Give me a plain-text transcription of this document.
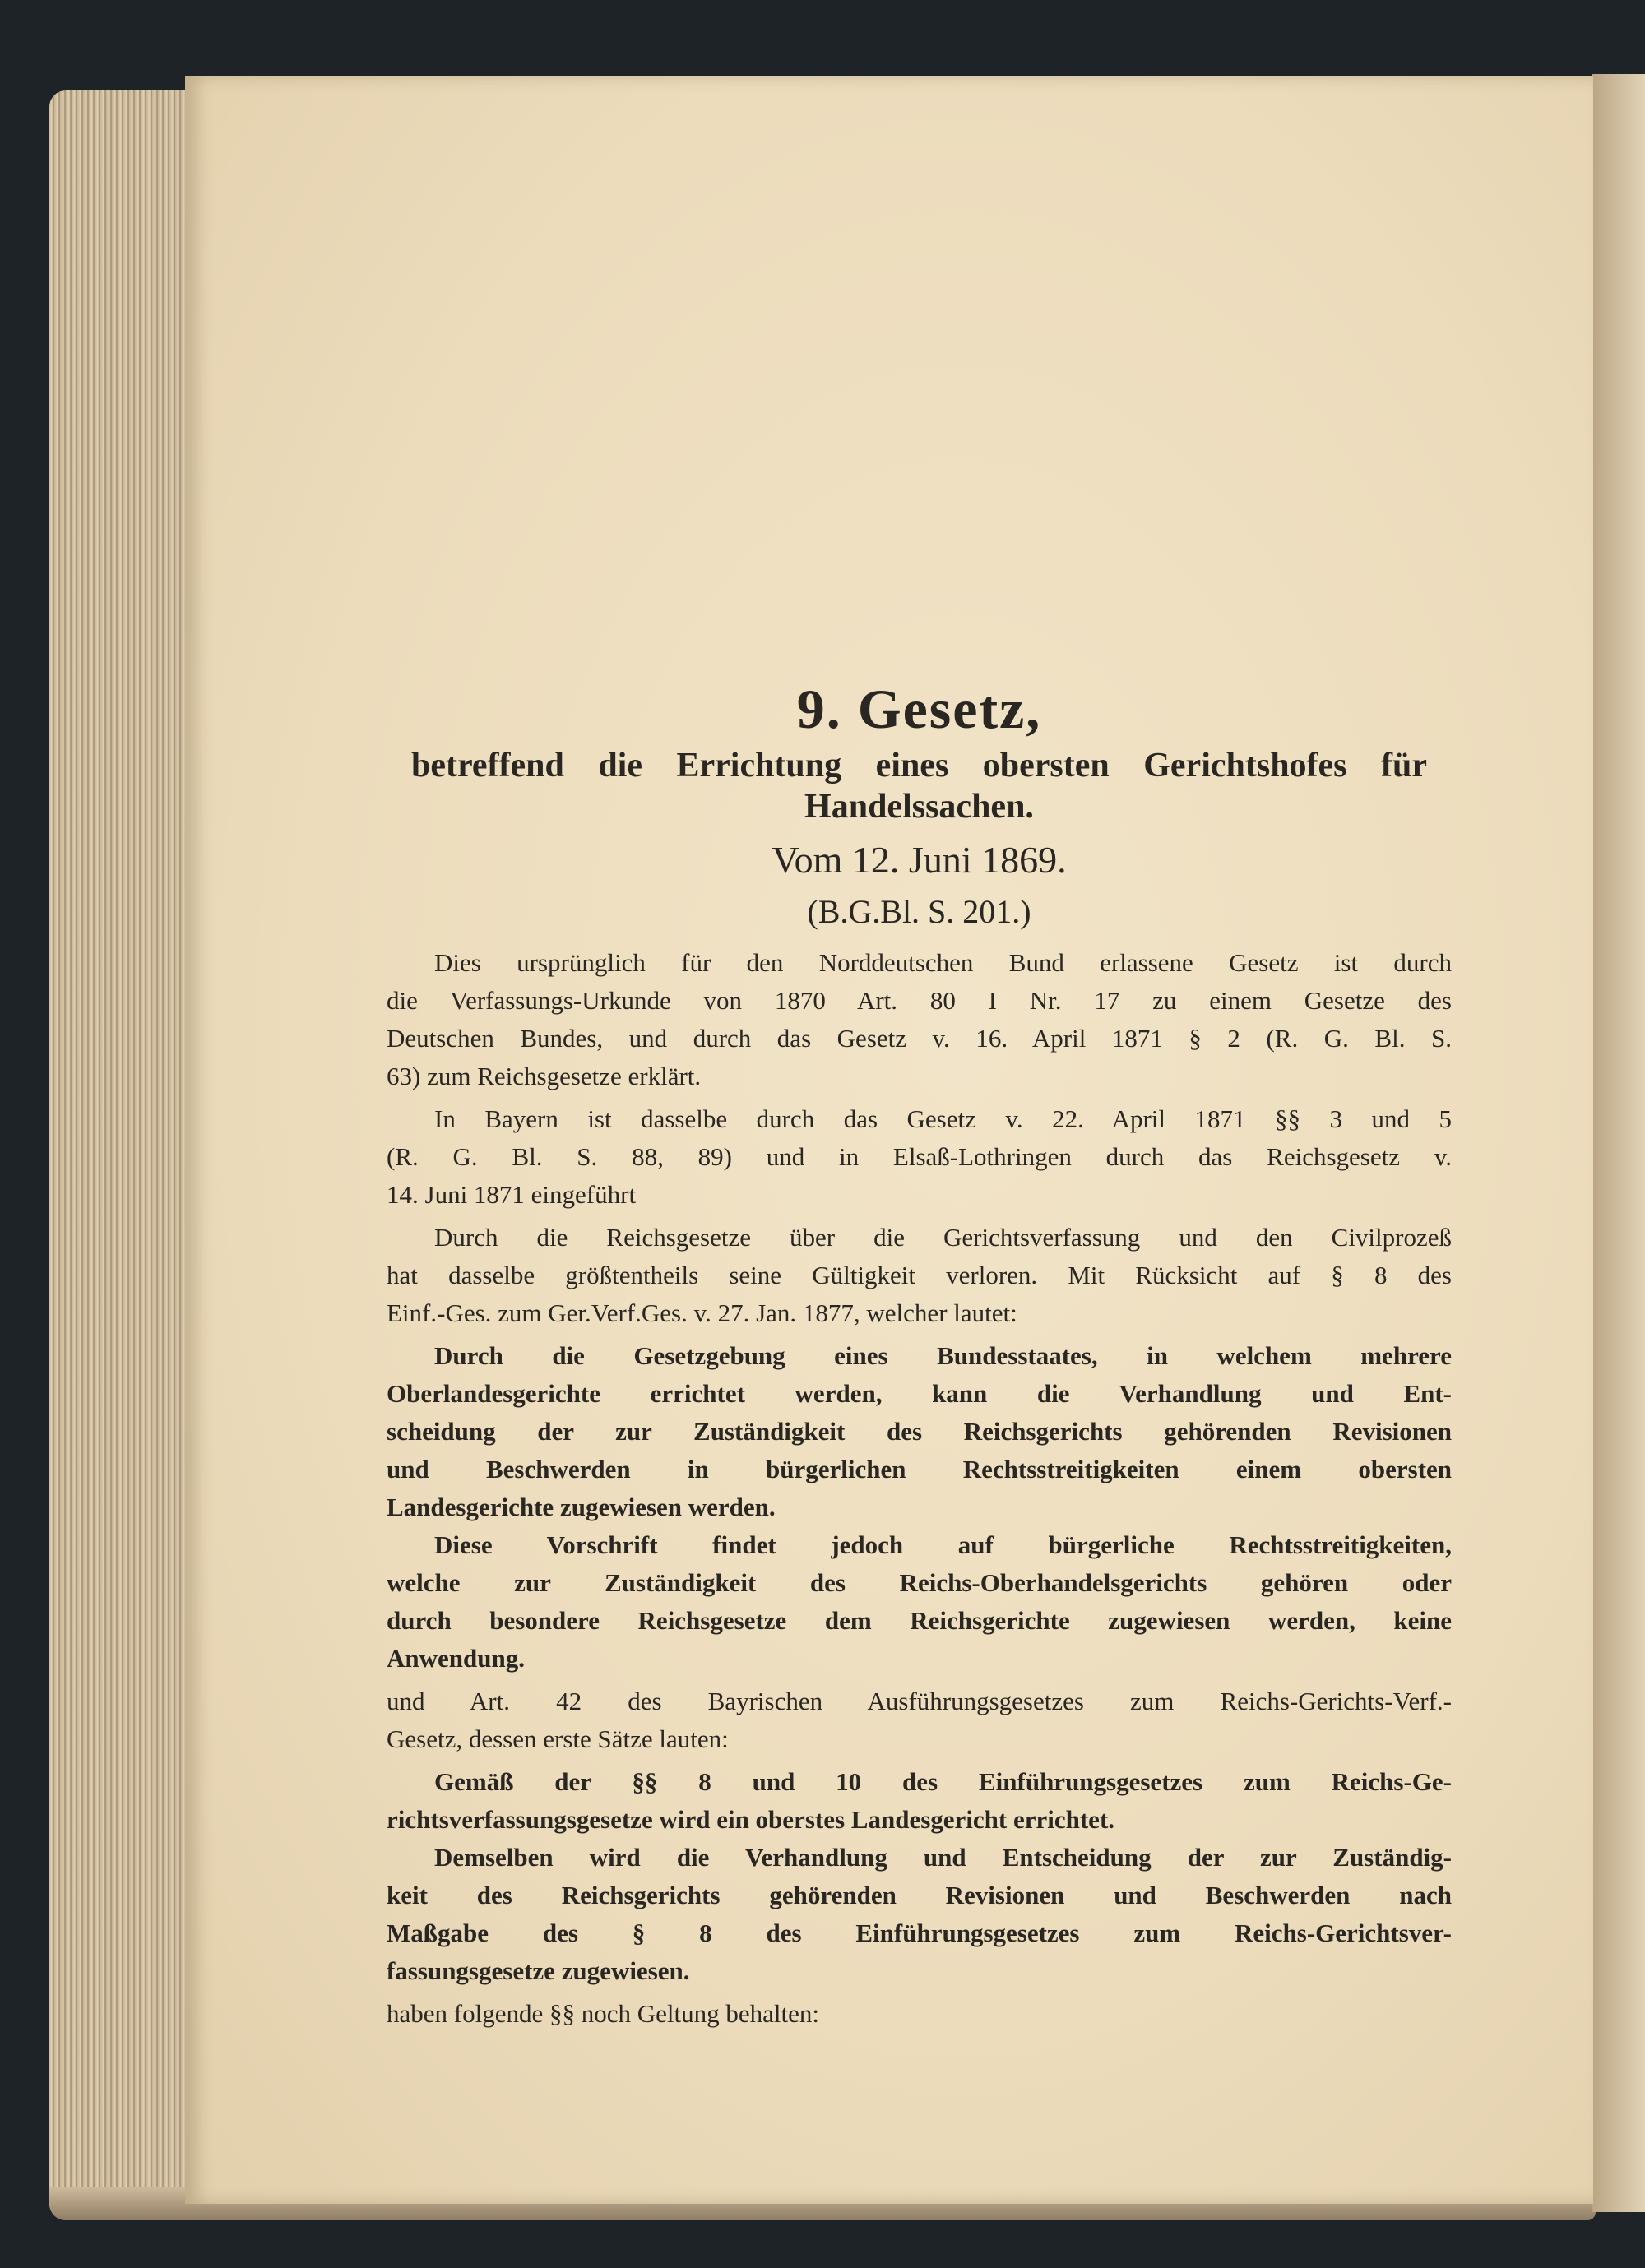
9. Gesetz,
betreffend die Errichtung eines obersten Gerichtshofes für
Handelssachen.
Vom 12. Juni 1869.
(B.G.Bl. S. 201.)
Dies ursprünglich für den Norddeutschen Bund erlassene Gesetz ist durch
die Verfassungs-Urkunde von 1870 Art. 80 I Nr. 17 zu einem Gesetze des
Deutschen Bundes, und durch das Gesetz v. 16. April 1871 § 2 (R. G. Bl. S.
63) zum Reichsgesetze erklärt.
In Bayern ist dasselbe durch das Gesetz v. 22. April 1871 §§ 3 und 5
(R. G. Bl. S. 88, 89) und in Elsaß-Lothringen durch das Reichsgesetz v.
14. Juni 1871 eingeführt
Durch die Reichsgesetze über die Gerichtsverfassung und den Civilprozeß
hat dasselbe größtentheils seine Gültigkeit verloren. Mit Rücksicht auf § 8 des
Einf.-Ges. zum Ger.Verf.Ges. v. 27. Jan. 1877, welcher lautet:
Durch die Gesetzgebung eines Bundesstaates, in welchem mehrere
Oberlandesgerichte errichtet werden, kann die Verhandlung und Ent-
scheidung der zur Zuständigkeit des Reichsgerichts gehörenden Revisionen
und Beschwerden in bürgerlichen Rechtsstreitigkeiten einem obersten
Landesgerichte zugewiesen werden.
Diese Vorschrift findet jedoch auf bürgerliche Rechtsstreitigkeiten,
welche zur Zuständigkeit des Reichs-Oberhandelsgerichts gehören oder
durch besondere Reichsgesetze dem Reichsgerichte zugewiesen werden, keine
Anwendung.
und Art. 42 des Bayrischen Ausführungsgesetzes zum Reichs-Gerichts-Verf.-
Gesetz, dessen erste Sätze lauten:
Gemäß der §§ 8 und 10 des Einführungsgesetzes zum Reichs-Ge-
richtsverfassungsgesetze wird ein oberstes Landesgericht errichtet.
Demselben wird die Verhandlung und Entscheidung der zur Zuständig-
keit des Reichsgerichts gehörenden Revisionen und Beschwerden nach
Maßgabe des § 8 des Einführungsgesetzes zum Reichs-Gerichtsver-
fassungsgesetze zugewiesen.
haben folgende §§ noch Geltung behalten:
